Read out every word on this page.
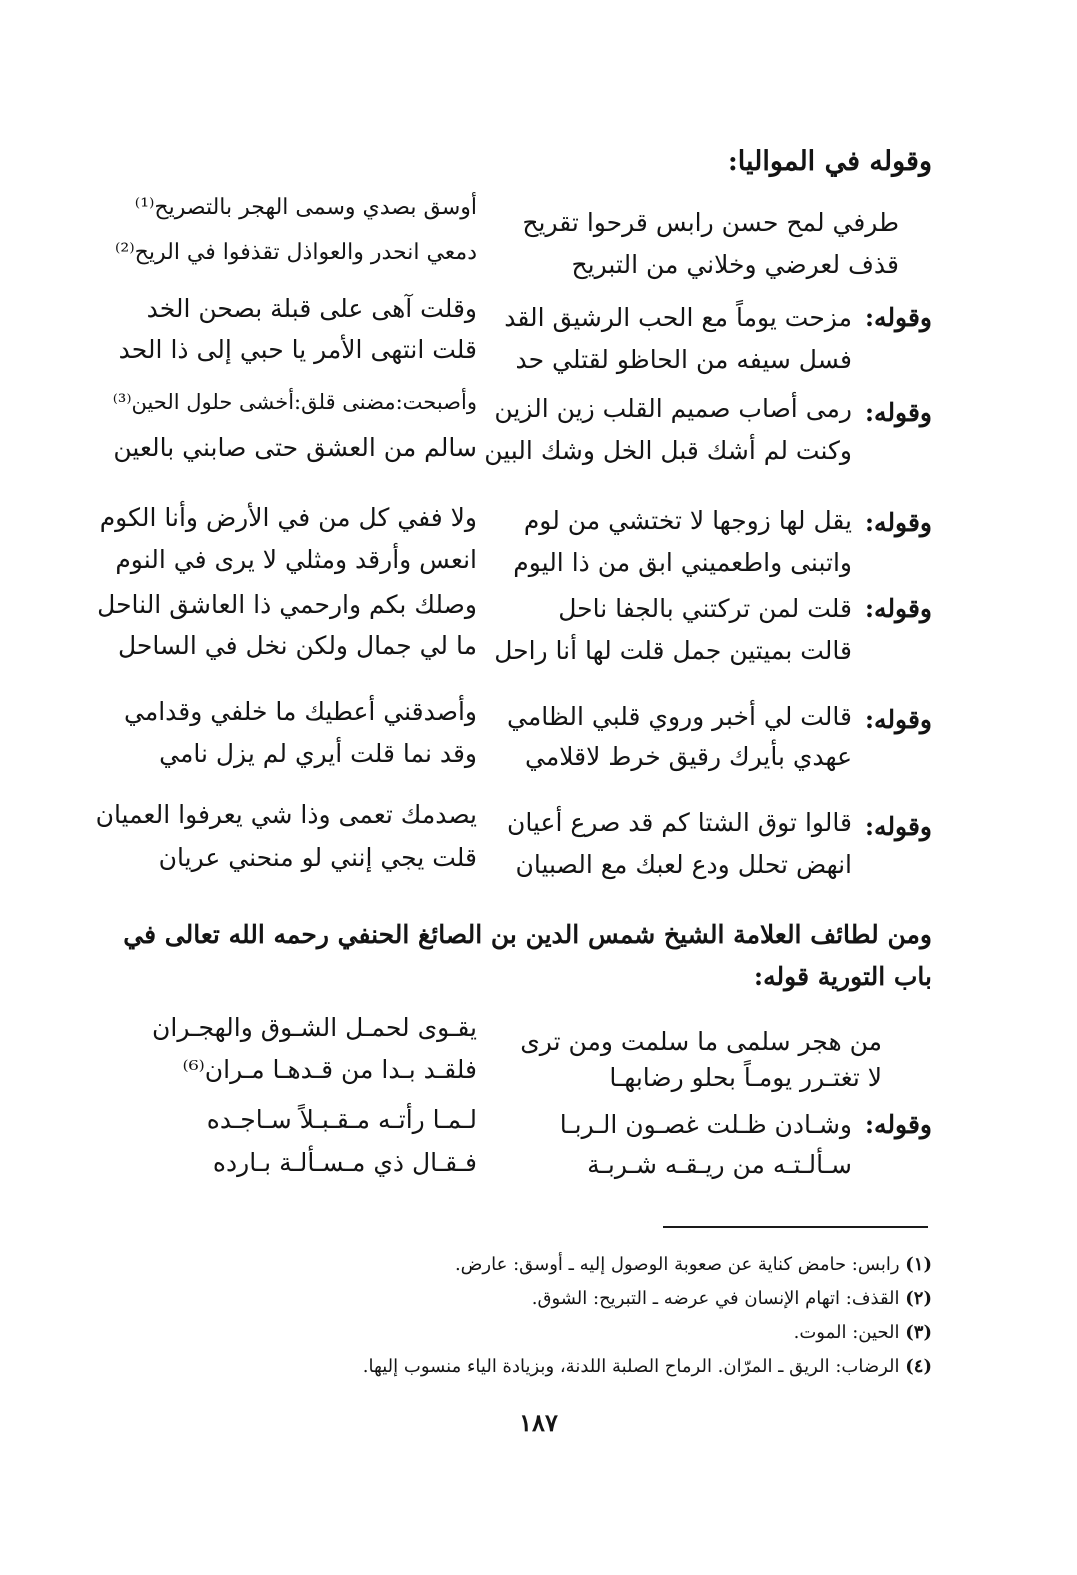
وقوله في المواليا:
طرفي لمح حسن رابس قرحوا تقريح
قذف لعرضي وخلاني من التبريح
أوسق بصدي وسمى الهجر بالتصريح⁽¹⁾
دمعي انحدر والعواذل تقذفوا في الريح⁽²⁾
وقوله:
مزحت يوماً مع الحب الرشيق القد
فسل سيفه من الحاظو لقتلي حد
وقلت آهى على قبلة بصحن الخد
قلت انتهى الأمر يا حبي إلى ذا الحد
وقوله:
رمى أصاب صميم القلب زين الزين
وكنت لم أشك قبل الخل وشك البين
وأصبحت:مضنى قلق:أخشى حلول الحين⁽³⁾
سالم من العشق حتى صابني بالعين
وقوله:
يقل لها زوجها لا تختشي من لوم
واتبنى واطعميني ابق من ذا اليوم
ولا ففي كل من في الأرض وأنا الكوم
انعس وأرقد ومثلي لا يرى في النوم
وقوله:
قلت لمن تركتني بالجفا ناحل
قالت بميتين جمل قلت لها أنا راحل
وصلك بكم وارحمي ذا العاشق الناحل
ما لي جمال ولكن نخل في الساحل
وقوله:
قالت لي أخبر وروي قلبي الظامي
عهدي بأيرك رقيق خرط لاقلامي
وأصدقني أعطيك ما خلفي وقدامي
وقد نما قلت أيري لم يزل نامي
وقوله:
قالوا توق الشتا كم قد صرع أعيان
انهض تحلل ودع لعبك مع الصبيان
يصدمك تعمى وذا شي يعرفوا العميان
قلت يجي إنني لو منحني عريان
ومن لطائف العلامة الشيخ شمس الدين بن الصائغ الحنفي رحمه الله تعالى في باب التورية قوله:
من هجر سلمى ما سلمت ومن ترى
لا تغتـرر يومـاً بحلو رضابهـا
يقـوى لحمـل الشـوق والهجـران
فلقـد بـدا من قـدهـا مـران⁽⁶⁾
وقوله:
وشـادن ظـلت غصـون الـربـا
سـألـتـه من ريـقـه شـربـة
لـمـا رأتـه مـقـبـلاً سـاجـده
فـقـال ذي مـسـألـة بـارده
(١) رابس: حامض كناية عن صعوبة الوصول إليه ـ أوسق: عارض.
(٢) القذف: اتهام الإنسان في عرضه ـ التبريح: الشوق.
(٣) الحين: الموت.
(٤) الرضاب: الريق ـ المرّان. الرماح الصلبة اللدنة، وبزيادة الياء منسوب إليها.
١٨٧
